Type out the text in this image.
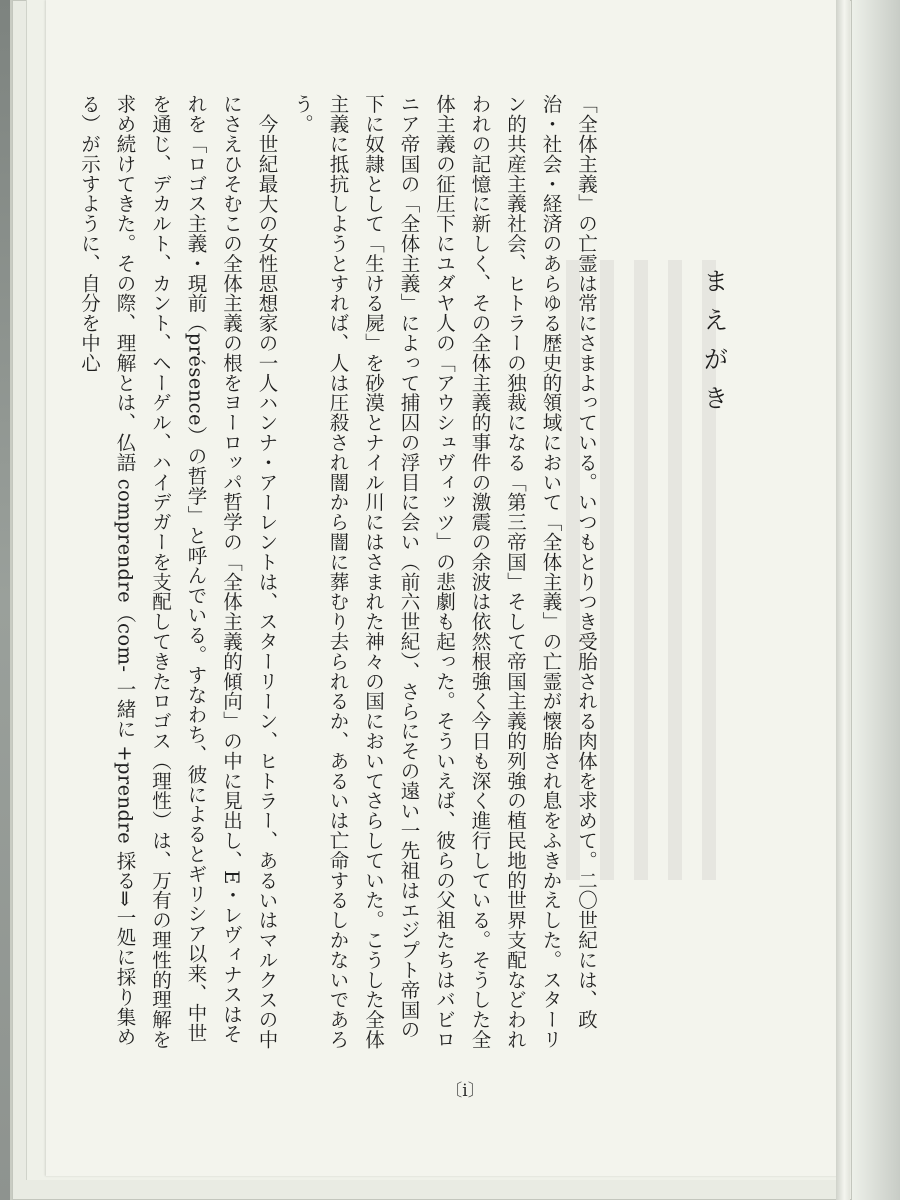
まえがき

「全体主義」の亡霊は常にさまよっている。いつもとりつき受胎される肉体を求めて。二〇世紀には、政治・社会・経済のあらゆる歴史的領域において「全体主義」の亡霊が懐胎され息をふきかえした。スターリン的共産主義社会、ヒトラーの独裁になる「第三帝国」そして帝国主義的列強の植民地的世界支配などわれわれの記憶に新しく、その全体主義的事件の激震の余波は依然根強く今日も深く進行している。そうした全体主義の征圧下にユダヤ人の「アウシュヴィッツ」の悲劇も起った。そういえば、彼らの父祖たちはバビロニア帝国の「全体主義」によって捕囚の浮目に会い（前六世紀）、さらにその遠い一先祖はエジプト帝国の下に奴隷として「生ける屍」を砂漠とナイル川にはさまれた神々の国においてさらしていた。こうした全体主義に抵抗しようとすれば、人は圧殺され闇から闇に葬むり去られるか、あるいは亡命するしかないであろう。

今世紀最大の女性思想家の一人ハンナ・アーレントは、スターリーン、ヒトラー、あるいはマルクスの中にさえひそむこの全体主義の根をヨーロッパ哲学の「全体主義的傾向」の中に見出し、E・レヴィナスはそれを「ロゴス主義・現前（présence）の哲学」と呼んでいる。すなわち、彼によるとギリシア以来、中世を通じ、デカルト、カント、ヘーゲル、ハイデガーを支配してきたロゴス（理性）は、万有の理性的理解を求め続けてきた。その際、理解とは、仏語 comprendre（com- 一緒に +prendre 採る⇒一処に採り集める）が示すように、自分を中心

〔i〕
